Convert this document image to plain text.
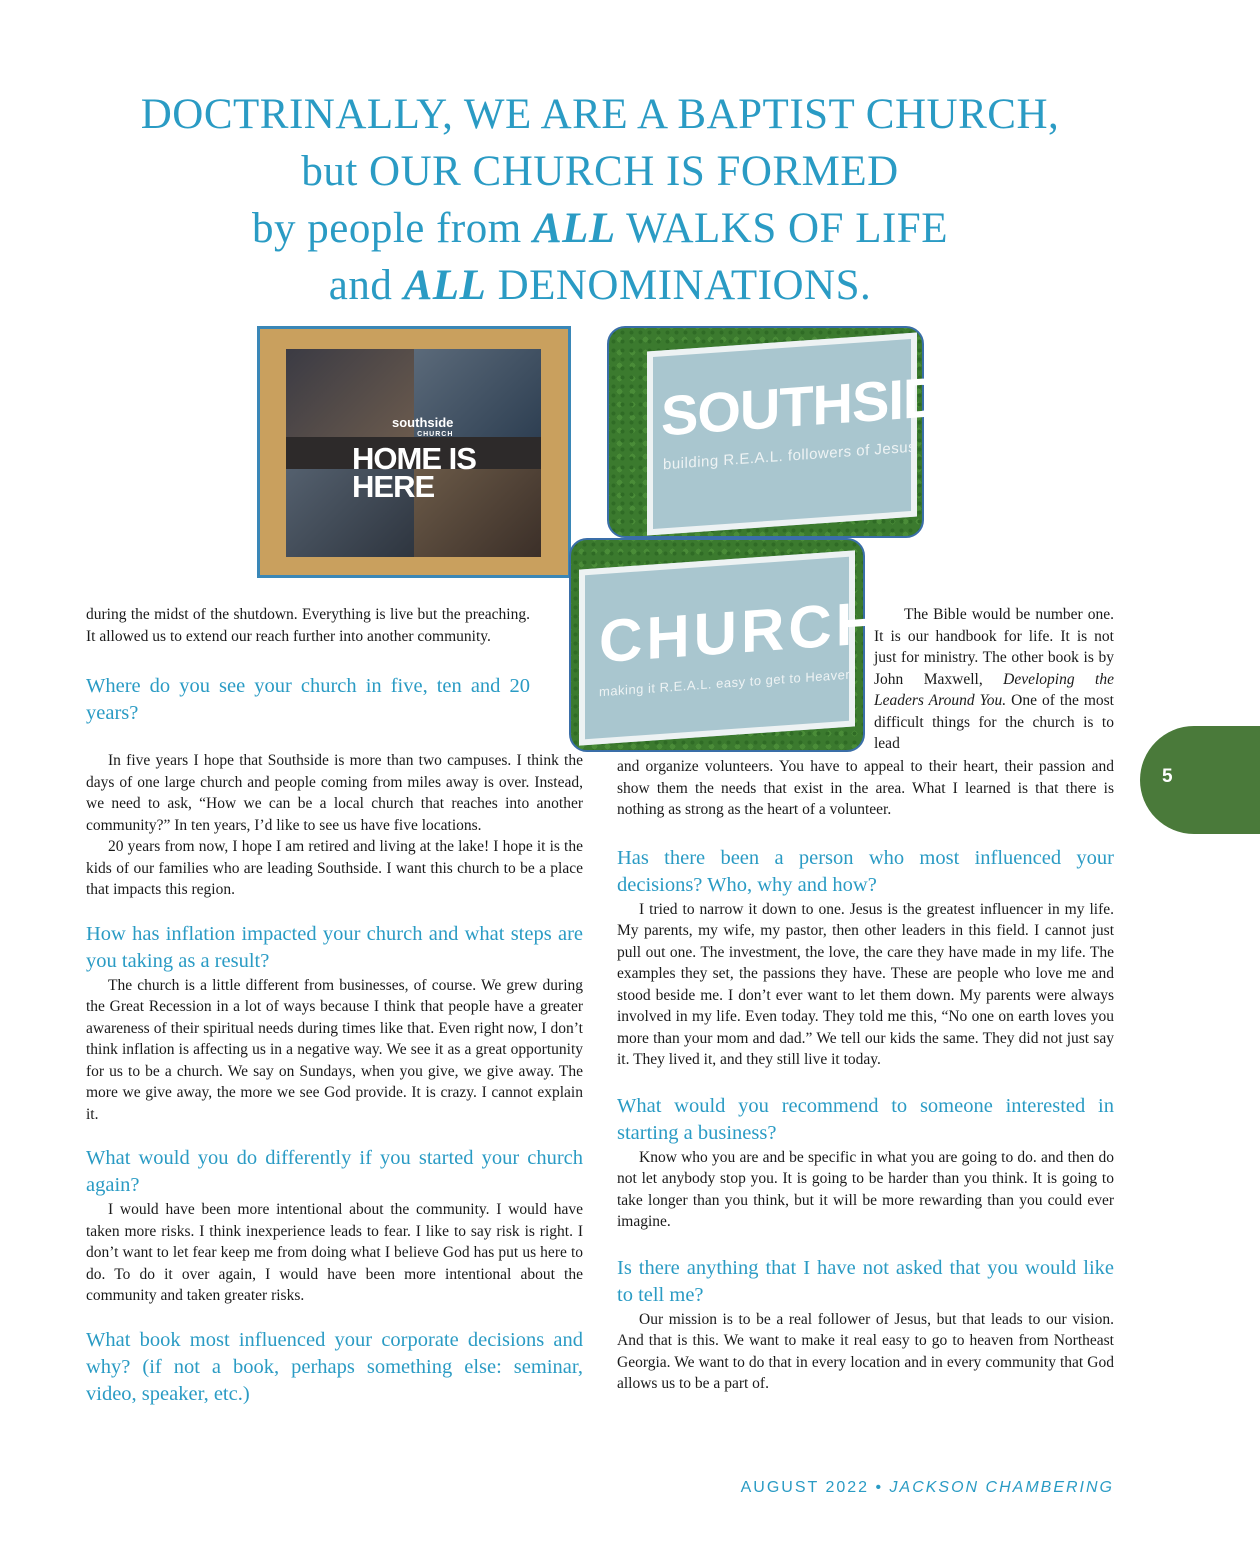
DOCTRINALLY, WE ARE A BAPTIST CHURCH,
but OUR CHURCH IS FORMED
by people from ALL WALKS OF LIFE
and ALL DENOMINATIONS.
southside
CHURCH
HOME IS
HERE
SOUTHSIDE
building R.E.A.L. followers of Jesus
CHURCH
making it R.E.A.L. easy to get to Heaven

during the midst of the shutdown. Everything is live but the preaching. It allowed us to extend our reach further into another community.

Where do you see your church in five, ten and 20 years?

In five years I hope that Southside is more than two campuses. I think the days of one large church and people coming from miles away is over. Instead, we need to ask, “How we can be a local church that reaches into another community?” In ten years, I’d like to see us have five locations.

20 years from now, I hope I am retired and living at the lake! I hope it is the kids of our families who are leading Southside. I want this church to be a place that impacts this region.

How has inflation impacted your church and what steps are you taking as a result?

The church is a little different from businesses, of course. We grew during the Great Recession in a lot of ways because I think that people have a greater awareness of their spiritual needs during times like that. Even right now, I don’t think inflation is affecting us in a negative way. We see it as a great opportunity for us to be a church. We say on Sundays, when you give, we give away. The more we give away, the more we see God provide. It is crazy. I cannot explain it.

What would you do differently if you started your church again?

I would have been more intentional about the community. I would have taken more risks. I think inexperience leads to fear. I like to say risk is right. I don’t want to let fear keep me from doing what I believe God has put us here to do. To do it over again, I would have been more intentional about the community and taken greater risks.

What book most influenced your corporate decisions and why? (if not a book, perhaps something else: seminar, video, speaker, etc.)

The Bible would be number one. It is our handbook for life. It is not just for ministry. The other book is by John Maxwell, Developing the Leaders Around You. One of the most difficult things for the church is to lead

and organize volunteers. You have to appeal to their heart, their passion and show them the needs that exist in the area. What I learned is that there is nothing as strong as the heart of a volunteer.

Has there been a person who most influenced your decisions? Who, why and how?

I tried to narrow it down to one. Jesus is the greatest influencer in my life. My parents, my wife, my pastor, then other leaders in this field. I cannot just pull out one. The investment, the love, the care they have made in my life. The examples they set, the passions they have. These are people who love me and stood beside me. I don’t ever want to let them down. My parents were always involved in my life. Even today. They told me this, “No one on earth loves you more than your mom and dad.” We tell our kids the same. They did not just say it. They lived it, and they still live it today.

What would you recommend to someone interested in starting a business?

Know who you are and be specific in what you are going to do. and then do not let anybody stop you. It is going to be harder than you think. It is going to take longer than you think, but it will be more rewarding than you could ever imagine.

Is there anything that I have not asked that you would like to tell me?

Our mission is to be a real follower of Jesus, but that leads to our vision. And that is this. We want to make it real easy to go to heaven from Northeast Georgia. We want to do that in every location and in every community that God allows us to be a part of.

5
AUGUST 2022 • JACKSON CHAMBERING
